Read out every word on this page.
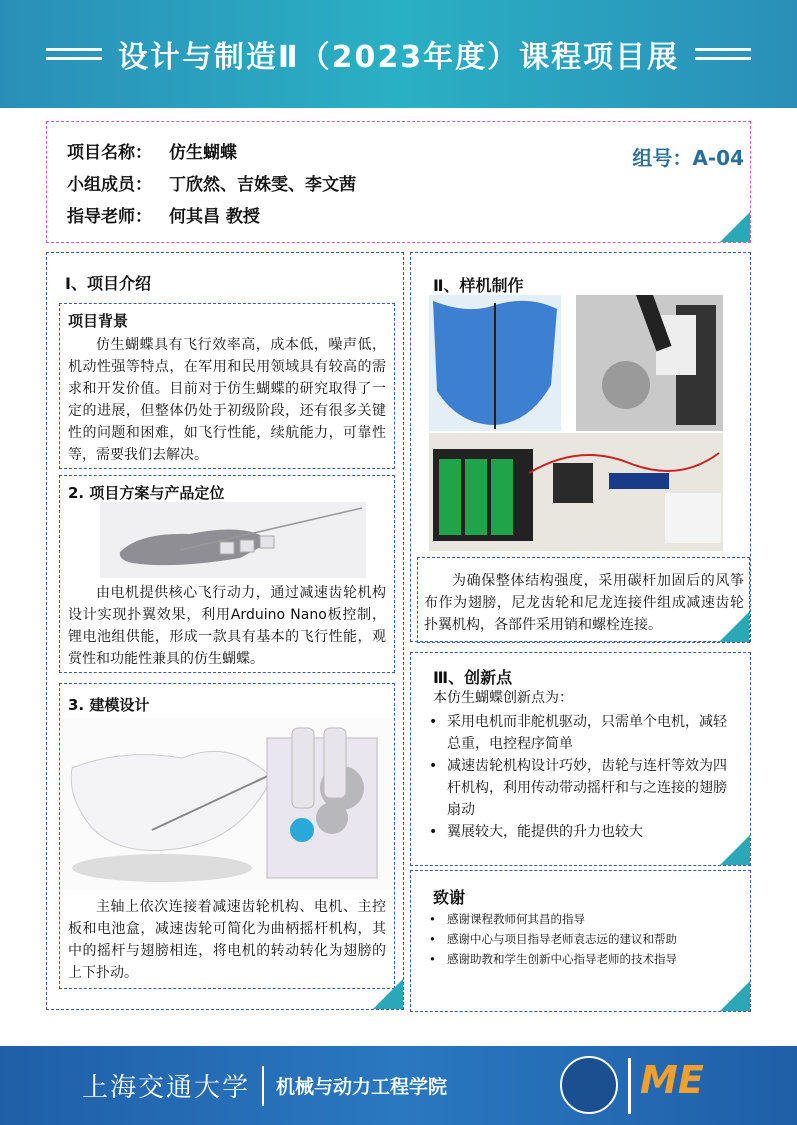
设计与制造Ⅱ（2023年度）课程项目展
项目名称： 仿生蝴蝶
小组成员： 丁欣然、吉姝雯、李文茜
指导老师： 何其昌 教授
组号：A-04
Ⅰ、项目介绍
项目背景
仿生蝴蝶具有飞行效率高，成本低，噪声低，机动性强等特点，在军用和民用领域具有较高的需求和开发价值。目前对于仿生蝴蝶的研究取得了一定的进展，但整体仍处于初级阶段，还有很多关键性的问题和困难，如飞行性能，续航能力，可靠性等，需要我们去解决。
2. 项目方案与产品定位
由电机提供核心飞行动力，通过减速齿轮机构设计实现扑翼效果，利用Arduino Nano板控制，锂电池组供能，形成一款具有基本的飞行性能，观赏性和功能性兼具的仿生蝴蝶。
3. 建模设计
主轴上依次连接着减速齿轮机构、电机、主控板和电池盒，减速齿轮可简化为曲柄摇杆机构，其中的摇杆与翅膀相连，将电机的转动转化为翅膀的上下扑动。
Ⅱ、样机制作
为确保整体结构强度，采用碳杆加固后的风筝布作为翅膀，尼龙齿轮和尼龙连接件组成减速齿轮扑翼机构，各部件采用销和螺栓连接。
Ⅲ、创新点
本仿生蝴蝶创新点为：
• 采用电机而非舵机驱动，只需单个电机，减轻总重，电控程序简单
• 减速齿轮机构设计巧妙，齿轮与连杆等效为四杆机构，利用传动带动摇杆和与之连接的翅膀扇动
• 翼展较大，能提供的升力也较大
致谢
• 感谢课程教师何其昌的指导
• 感谢中心与项目指导老师袁志远的建议和帮助
• 感谢助教和学生创新中心指导老师的技术指导
上海交通大学 机械与动力工程学院	ME
